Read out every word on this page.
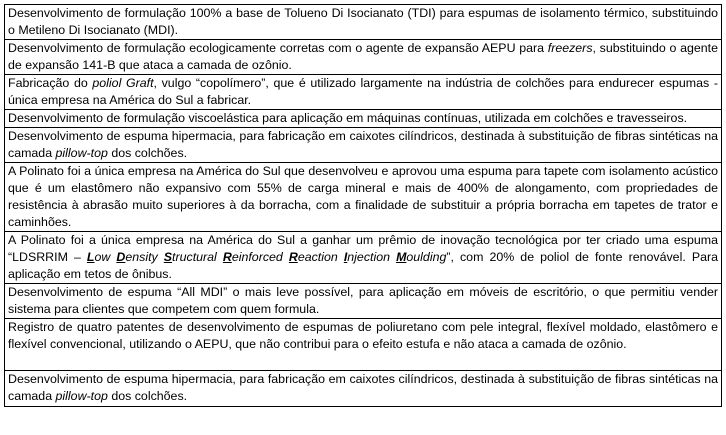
Desenvolvimento de formulação 100% a base de Tolueno Di Isocianato (TDI) para espumas de isolamento térmico, substituindo o Metileno Di Isocianato (MDI).
Desenvolvimento de formulação ecologicamente corretas com o agente de expansão AEPU para freezers, substituindo o agente de expansão 141-B que ataca a camada de ozônio.
Fabricação do poliol Graft, vulgo “copolímero”, que é utilizado largamente na indústria de colchões para endurecer espumas - única empresa na América do Sul a fabricar.
Desenvolvimento de formulação viscoelástica para aplicação em máquinas contínuas, utilizada em colchões e travesseiros.
Desenvolvimento de espuma hipermacia, para fabricação em caixotes cilíndricos, destinada à substituição de fibras sintéticas na camada pillow-top dos colchões.
A Polinato foi a única empresa na América do Sul que desenvolveu e aprovou uma espuma para tapete com isolamento acústico que é um elastômero não expansivo com 55% de carga mineral e mais de 400% de alongamento, com propriedades de resistência à abrasão muito superiores à da borracha, com a finalidade de substituir a própria borracha em tapetes de trator e caminhões.
A Polinato foi a única empresa na América do Sul a ganhar um prêmio de inovação tecnológica por ter criado uma espuma “LDSRRIM – Low Density Structural Reinforced Reaction Injection Moulding”, com 20% de poliol de fonte renovável. Para aplicação em tetos de ônibus.
Desenvolvimento de espuma “All MDI” o mais leve possível, para aplicação em móveis de escritório, o que permitiu vender sistema para clientes que competem com quem formula.
Registro de quatro patentes de desenvolvimento de espumas de poliuretano com pele integral, flexível moldado, elastômero e flexível convencional, utilizando o AEPU, que não contribui para o efeito estufa e não ataca a camada de ozônio.
Desenvolvimento de espuma hipermacia, para fabricação em caixotes cilíndricos, destinada à substituição de fibras sintéticas na camada pillow-top dos colchões.
